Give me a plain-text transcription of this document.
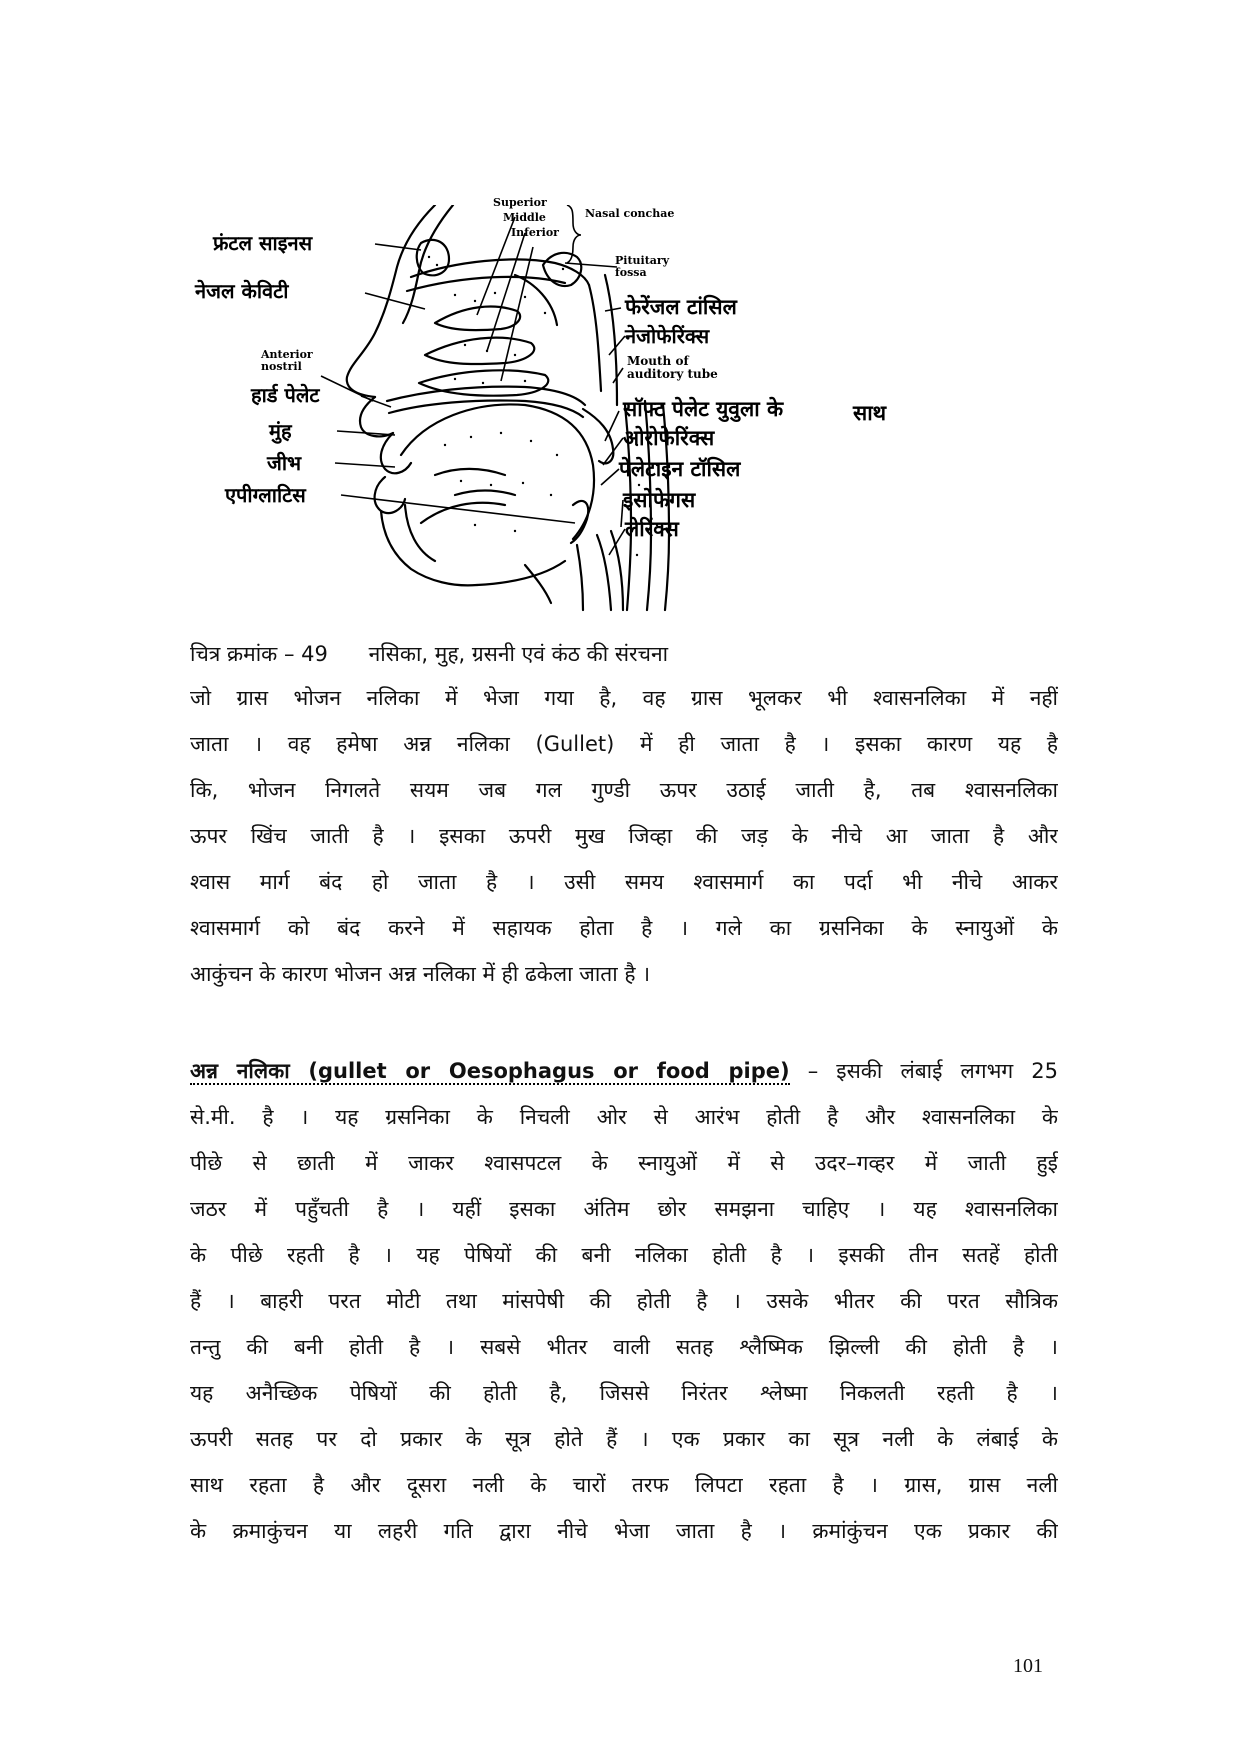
फ्रंटल साइनस
नेजल केविटी
Anterior
nostril
हार्ड पेलेट
मुंह
जीभ
एपीग्लाटिस
Superior
Middle
Inferior
Nasal conchae
Pituitary
fossa
फेरेंजल टांसिल
नेजोफेरिंक्स
Mouth of
auditory tube
सॉफ्ट पेलेट युवुला के	साथ
ओरोफेरिंक्स
पेलेटाइन टॉसिल
इसोफेगस
लेरिंक्स
चित्र क्रमांक – 49 नसिका, मुह, ग्रसनी एवं कंठ की संरचना
जो ग्रास भोजन नलिका में भेजा गया है, वह ग्रास भूलकर भी श्वासनलिका में नहीं
जाता । वह हमेषा अन्न नलिका (Gullet) में ही जाता है । इसका कारण यह है
कि, भोजन निगलते सयम जब गल गुण्डी ऊपर उठाई जाती है, तब श्वासनलिका
ऊपर खिंच जाती है । इसका ऊपरी मुख जिव्हा की जड़ के नीचे आ जाता है और
श्वास मार्ग बंद हो जाता है । उसी समय श्वासमार्ग का पर्दा भी नीचे आकर
श्वासमार्ग को बंद करने में सहायक होता है । गले का ग्रसनिका के स्नायुओं के
आकुंचन के कारण भोजन अन्न नलिका में ही ढकेला जाता है ।
अन्न नलिका (gullet or Oesophagus or food pipe) – इसकी लंबाई लगभग 25
से.मी. है । यह ग्रसनिका के निचली ओर से आरंभ होती है और श्वासनलिका के
पीछे से छाती में जाकर श्वासपटल के स्नायुओं में से उदर–गव्हर में जाती हुई
जठर में पहुँचती है । यहीं इसका अंतिम छोर समझना चाहिए । यह श्वासनलिका
के पीछे रहती है । यह पेषियों की बनी नलिका होती है । इसकी तीन सतहें होती
हैं । बाहरी परत मोटी तथा मांसपेषी की होती है । उसके भीतर की परत सौत्रिक
तन्तु की बनी होती है । सबसे भीतर वाली सतह श्लैष्मिक झिल्ली की होती है ।
यह अनैच्छिक पेषियों की होती है, जिससे निरंतर श्लेष्मा निकलती रहती है ।
ऊपरी सतह पर दो प्रकार के सूत्र होते हैं । एक प्रकार का सूत्र नली के लंबाई के
साथ रहता है और दूसरा नली के चारों तरफ लिपटा रहता है । ग्रास, ग्रास नली
के क्रमाकुंचन या लहरी गति द्वारा नीचे भेजा जाता है । क्रमांकुंचन एक प्रकार की
101
